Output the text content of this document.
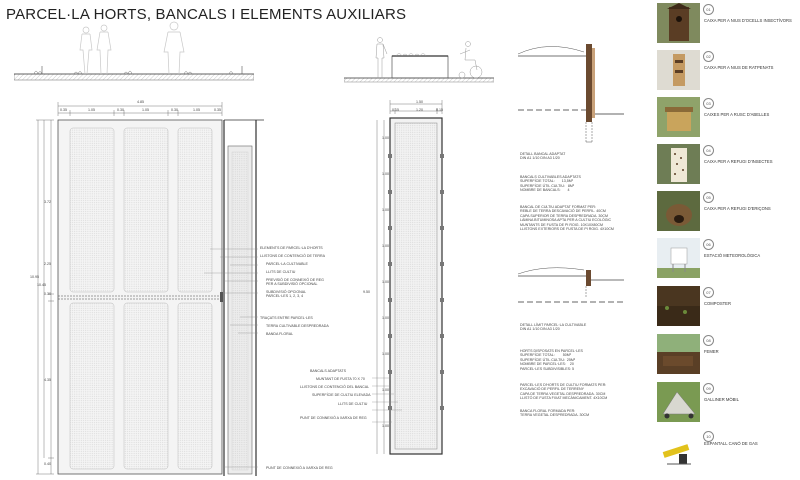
PARCEL·LA HORTS, BANCALS I ELEMENTS AUXILIARS
4.85
0.35	1.05	0.30	1.05	0.30	1.05	0.35
10.95
10.45
3.72
2.25
0.30
4.35
0.40
ELEMENTS DE PARCEL·LA D'HORTS
LLISTONS DE CONTENCIÓ DE TERRA
PARCEL·LA CULTIVABLE
LLITS DE CULTIU
PREVISIÓ DE CONNEXIÓ DE REG
PER A SUBDIVISIÓ OPCIONAL
SUBDIVISIÓ OPCIONAL
PARCEL·LES 1, 2, 3, 4
TRAÇATS ENTRE PARCEL·LES
TERRA CULTIVABLE DESPREDRADA
BANDA FLORAL
PUNT DE CONNEXIÓ A XARXA DE REG
1.50
0.15	1.20	0.15
9.50
1.00
1.00
1.00
1.00
1.00
1.00
1.00
1.00
1.00
BANCALS ADAPTATS
MUNTANT DE FUSTA 70 X 70
LLISTONS DE CONTENCIÓ DEL BANCAL
SUPERFÍCIE DE CULTIU ELEVADA
LLITS DE CULTIU
PUNT DE CONNEXIÓ A XARXA DE REG
DETALL BANCAL ADAPTAT
DIN A1 1/10 DIN A3 1/20
BANCALS CULTIVABLES ADAPTATS
SUPERFÍCIE TOTAL:       13,5M²
SUPERFÍCIE ÚTIL CULTIU:   8M²
NOMBRE DE BANCALS:       4
BANCAL DE CULTIU ADAPTAT FORMAT PER:
REBLE DE TERRA DESCAVACIÓ DE PERFIL. 40CM
CAPA SUPERIOR DE TERRA DESPREDRADA. 30CM
LÀMINA BITUMINOSA APTA PER A CULTIU ECOLÒGIC
MUNTANTS DE FUSTA DE PI ROIG. 10X10X80CM
LLISTONS EXTERIORS DE FUSTA DE PI ROIG. 4X10CM
DETALL LÍMIT PARCEL·LA CULTIVABLE
DIN A1 1/10 DIN A3 1/20
HORTS DISPOSATS EN PARCEL·LES
SUPERFÍCIE TOTAL:        50M²
SUPERFÍCIE ÚTIL CULTIU:  25M²
NOMBRE DE PARCEL·LES:    20
PARCEL·LES SUBDIVISIBLES: 5
PARCEL·LES D'HORTS DE CULTIU FORMATS PER:
EXCAVACIÓ DE PERFIL DE TERRENY
CAPA DE TERRA VEGETAL DESPREDRADA. 30CM
LLISTÓ DE FUSTA FIXAT MECÀNICAMENT. 4X10CM
BANCA FLORAL FORMADA PER:
TERRA VEGETAL DESPREDRADA. 30CM
01
CAIXA PER A NIUS D'OCELLS INSECTÍVORS
02
CAIXA PER A NIUS DE RATPENATS
03
CAIXES PER A RUSC D'ABELLES
04
CAIXA PER A REFUGI D'INSECTES
05
CAIXA PER A REFUGI D'ERIÇONS
06
ESTACIÓ METEOROLÒGICA
07
COMPOSTER
08
FEMER
09
GALLINER MÒBIL
10
ESPANTALL CANÓ DE GAS
